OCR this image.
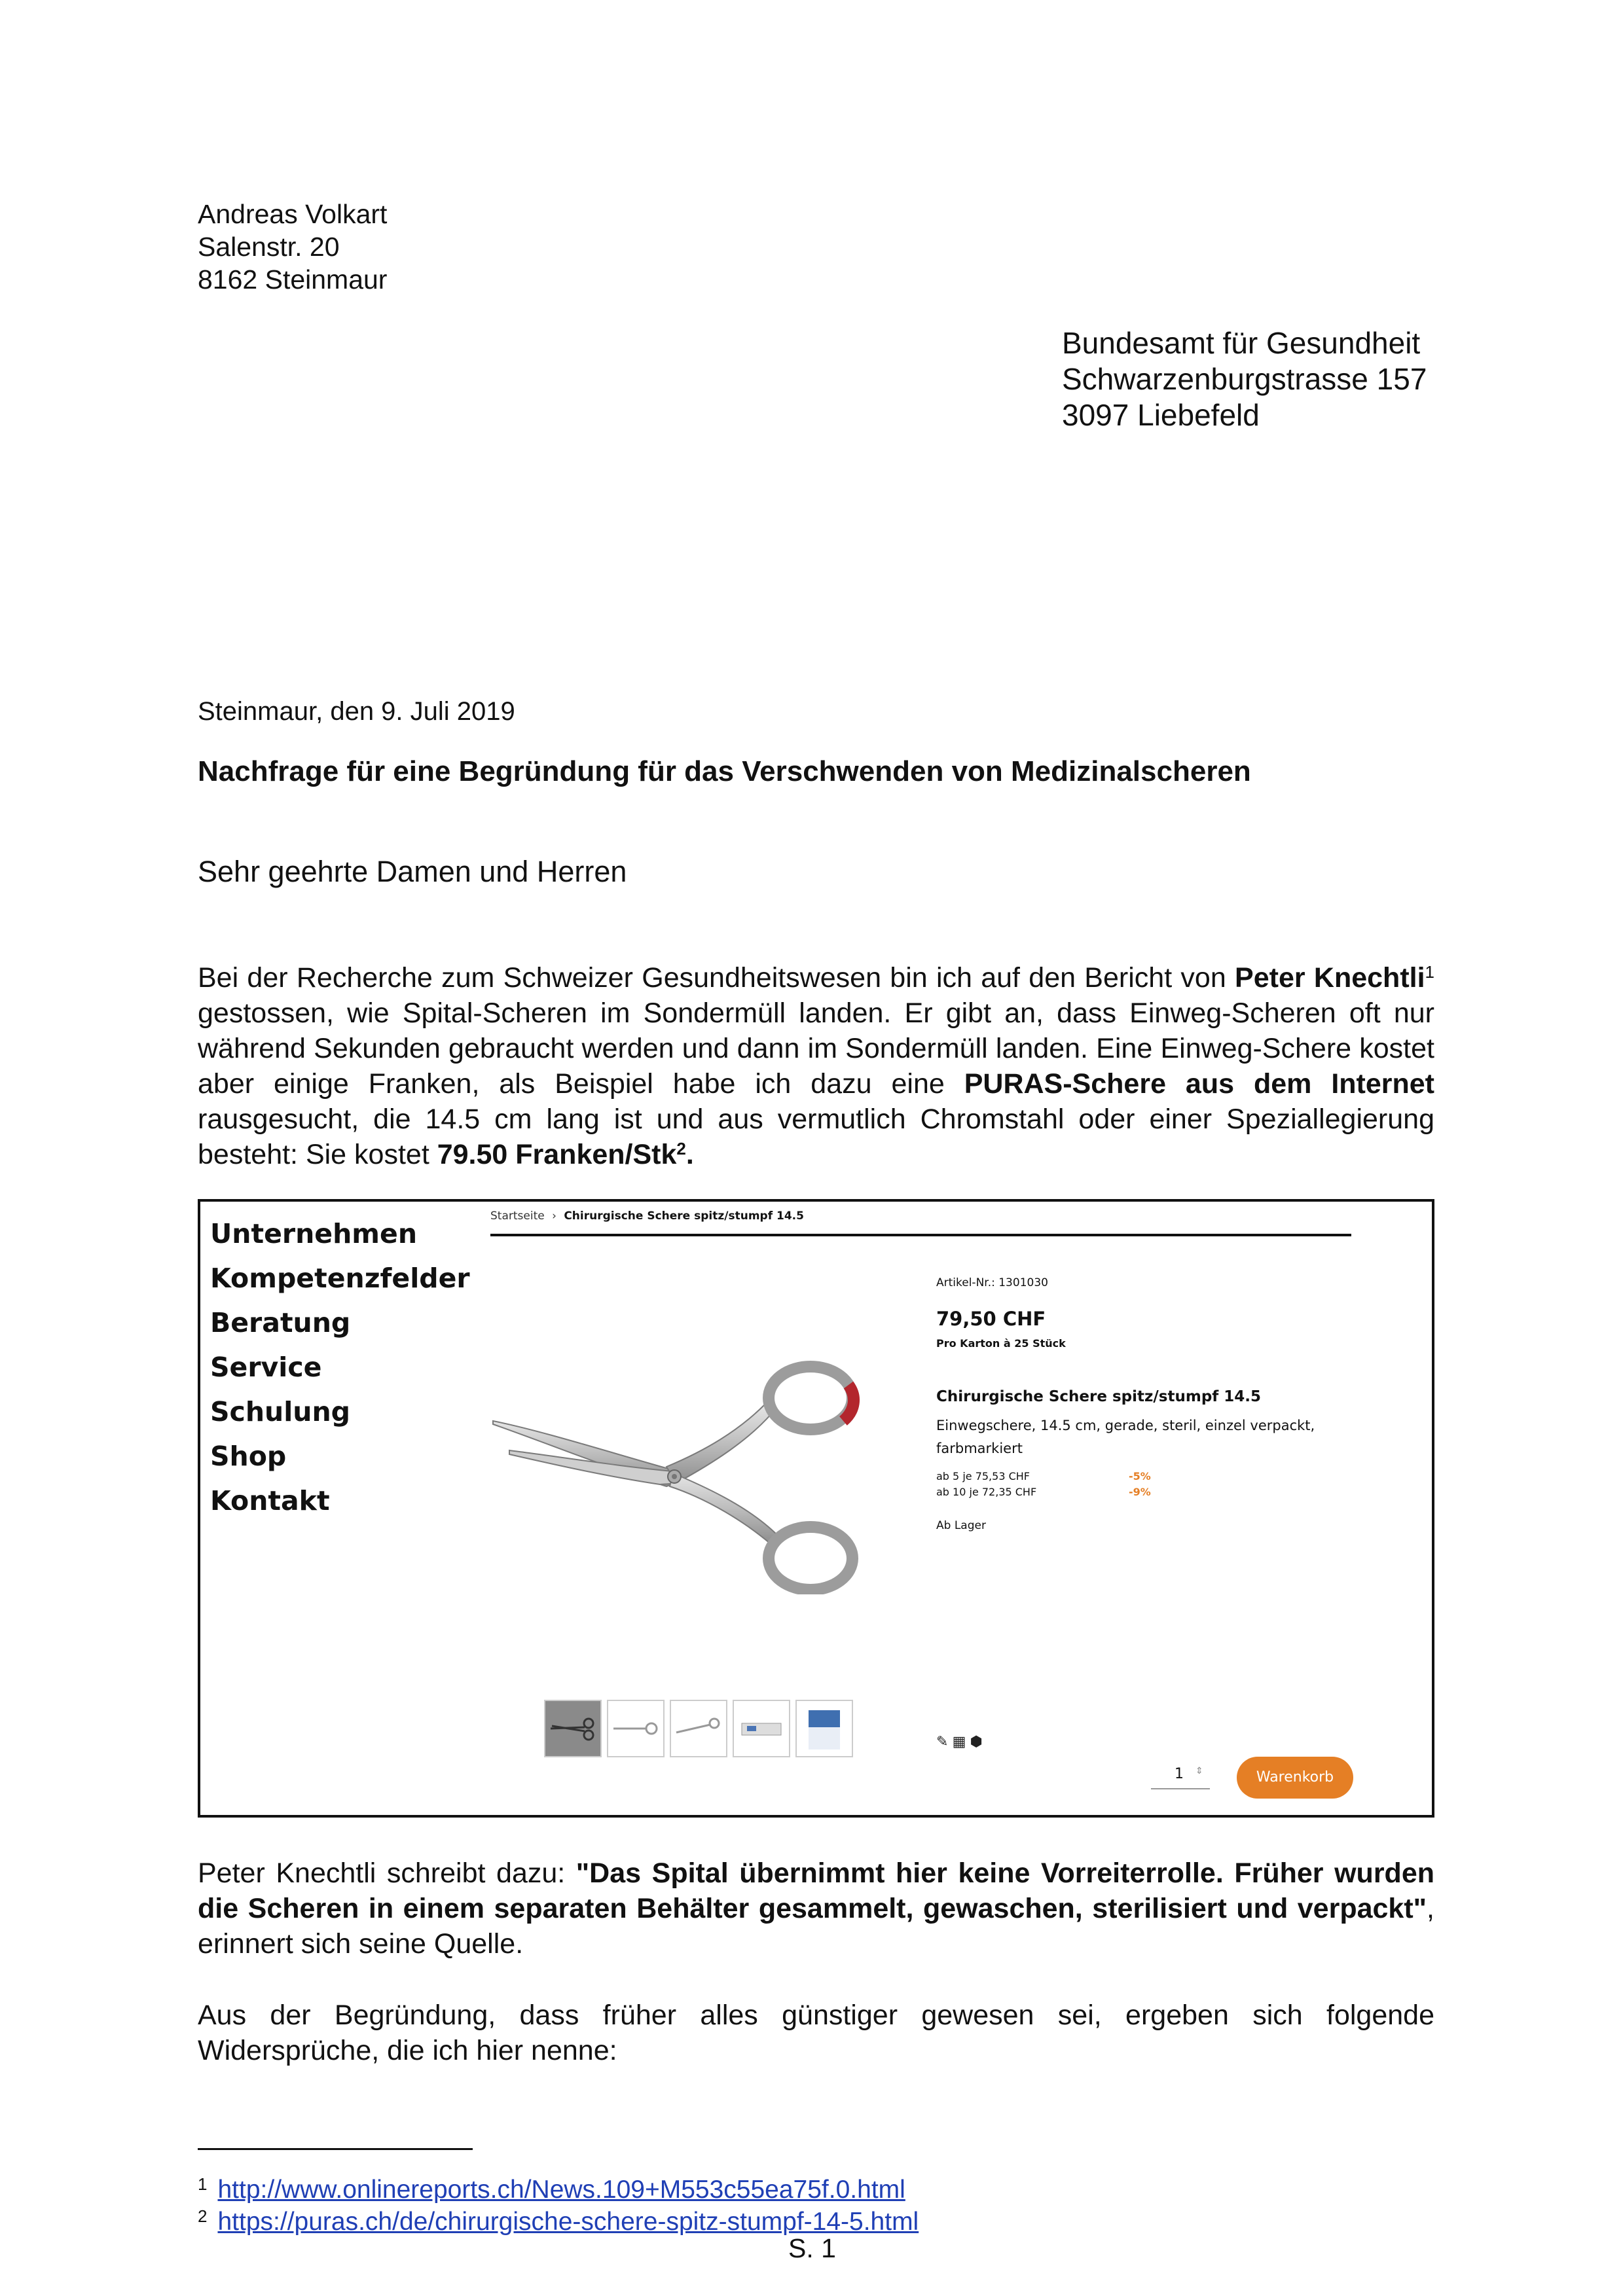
Andreas Volkart
Salenstr. 20
8162 Steinmaur
Bundesamt für Gesundheit
Schwarzenburgstrasse 157
3097 Liebefeld
Steinmaur, den 9. Juli 2019
Nachfrage für eine Begründung für das Verschwenden von Medizinalscheren
Sehr geehrte Damen und Herren
Bei der Recherche zum Schweizer Gesundheitswesen bin ich auf den Bericht von Peter Knechtli$^1$ gestossen, wie Spital-Scheren im Sondermüll landen. Er gibt an, dass Einweg-Scheren oft nur während Sekunden gebraucht werden und dann im Sondermüll landen. Eine Einweg-Schere kostet aber einige Franken, als Beispiel habe ich dazu eine PURAS-Schere aus dem Internet rausgesucht, die 14.5 cm lang ist und aus vermutlich Chromstahl oder einer Speziallegierung besteht: Sie kostet 79.50 Franken/Stk$^2$.
Unternehmen
Kompetenzfelder
Beratung
Service
Schulung
Shop
Kontakt
Startseite › Chirurgische Schere spitz/stumpf 14.5
Artikel-Nr.: 1301030
79,50 CHF
Pro Karton à 25 Stück
Chirurgische Schere spitz/stumpf 14.5
Einwegschere, 14.5 cm, gerade, steril, einzel verpackt,
farbmarkiert
ab 5 je 75,53 CHF	-5%
ab 10 je 72,35 CHF	-9%
Ab Lager
✎ ▦ ⬢
1 ⇕	Warenkorb
Peter Knechtli schreibt dazu: "Das Spital übernimmt hier keine Vorreiterrolle. Früher wurden die Scheren in einem separaten Behälter gesammelt, gewaschen, sterilisiert und verpackt", erinnert sich seine Quelle.
Aus der Begründung, dass früher alles günstiger gewesen sei, ergeben sich folgende Widersprüche, die ich hier nenne:
$^1$ http://www.onlinereports.ch/News.109+M553c55ea75f.0.html
$^2$ https://puras.ch/de/chirurgische-schere-spitz-stumpf-14-5.html
S. 1
